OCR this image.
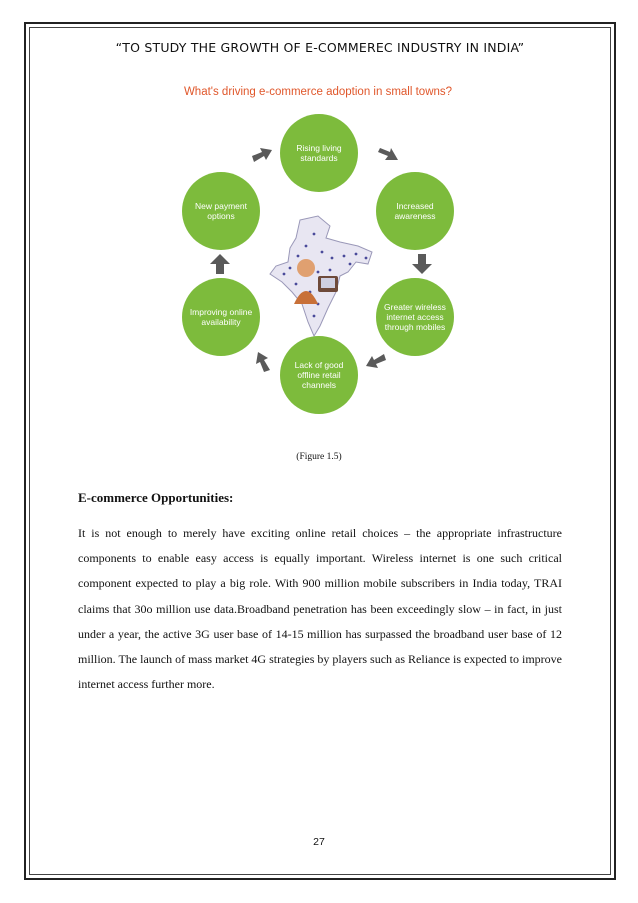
“TO STUDY THE GROWTH OF E-COMMEREC INDUSTRY IN INDIA”
What's driving e-commerce adoption in small towns?
Rising living standards
Increased awareness
Greater wireless internet access through mobiles
Lack of good offline retail channels
Improving online availability
New payment options
(Figure 1.5)
E-commerce Opportunities:
It is not enough to merely have exciting online retail choices – the appropriate infrastructure components to enable easy access is equally important. Wireless internet is one such critical component expected to play a big role. With 900 million mobile subscribers in India today, TRAI claims that 30o million use data.Broadband penetration has been exceedingly slow – in fact, in just under a year, the active 3G user base of 14-15 million has surpassed the broadband user base of 12 million. The launch of mass market 4G strategies by players such as Reliance is expected to improve internet access further more.
27
